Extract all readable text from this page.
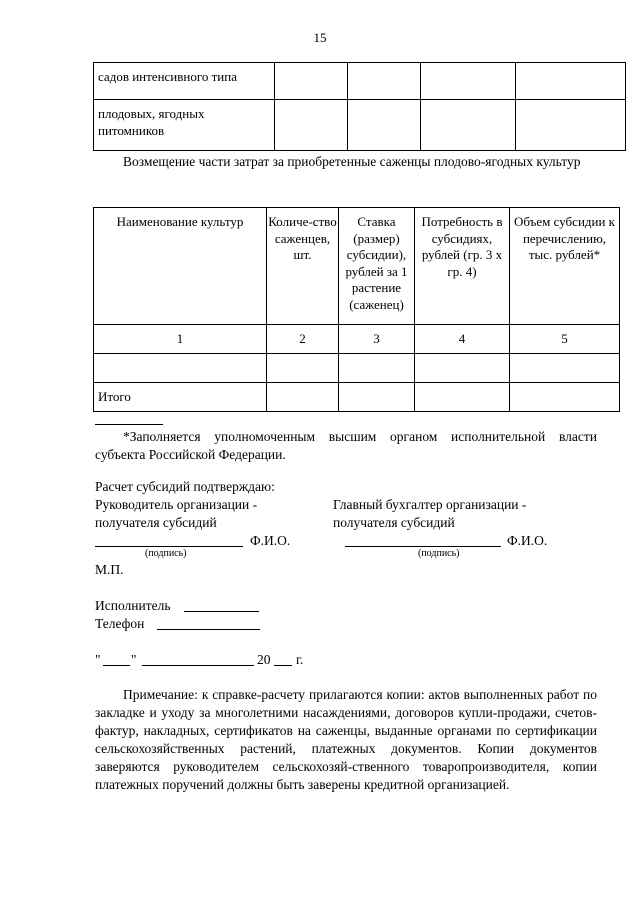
15
садов интенсивного типа				
плодовых, ягодных питомников				
Возмещение части затрат за приобретенные саженцы плодово-ягодных культур
Наименование культур	Количе-ство саженцев, шт.	Ставка (размер) субсидии), рублей за 1 растение (саженец)	Потребность в субсидиях, рублей (гр. 3 х гр. 4)	Объем субсидии к перечислению, тыс. рублей*
1	2	3	4	5

Итого				
*Заполняется уполномоченным высшим органом исполнительной власти субъекта Российской Федерации.
Расчет субсидий подтверждаю:
Руководитель организации -
получателя субсидий
Главный бухгалтер организации -
получателя субсидий
Ф.И.О.
(подпись)
Ф.И.О.
(подпись)
М.П.
Исполнитель
Телефон
" "	20 г.
Примечание: к справке-расчету прилагаются копии: актов выполненных работ по закладке и уходу за многолетними насаждениями, договоров купли-продажи, счетов-фактур, накладных, сертификатов на саженцы, выданные органами по сертификации сельскохозяйственных растений, платежных документов. Копии документов заверяются руководителем сельскохозяй-ственного товаропроизводителя, копии платежных поручений должны быть заверены кредитной организацией.
